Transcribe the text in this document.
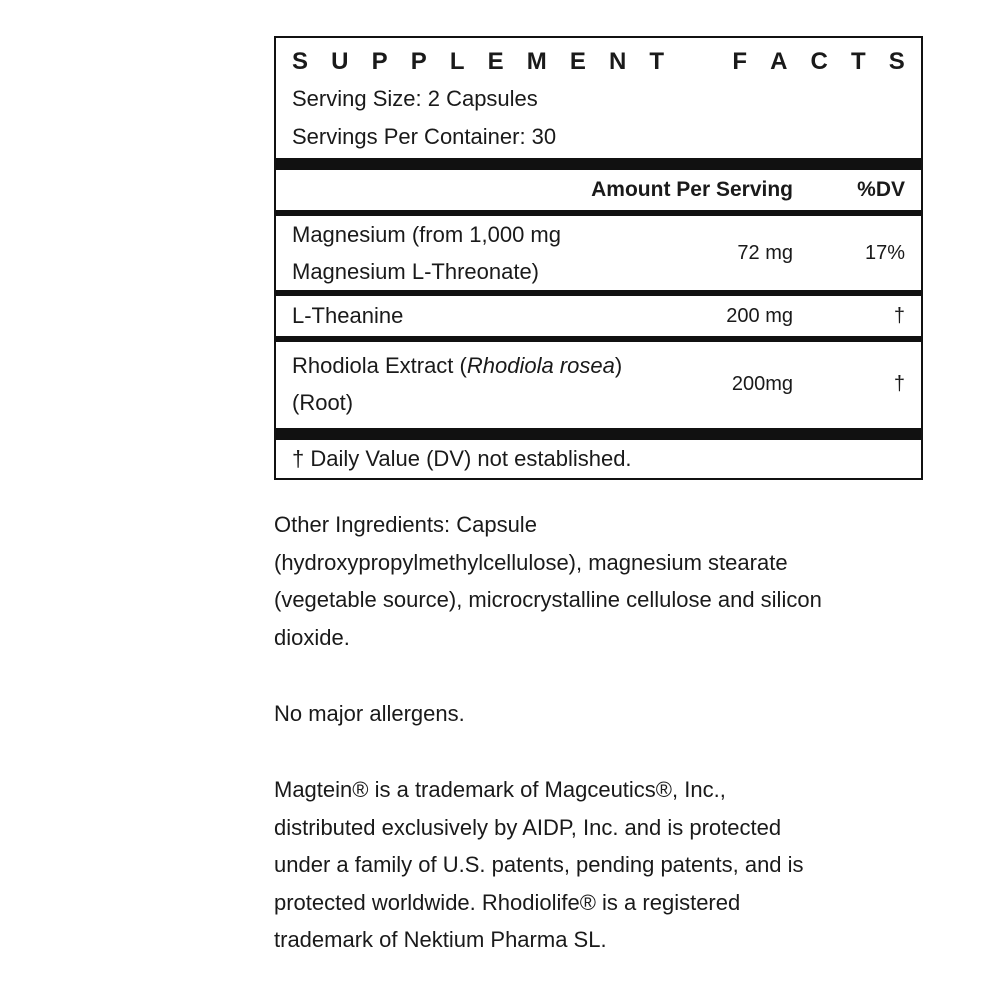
S U P P L E M E N T	F A C T S
Serving Size: 2 Capsules
Servings Per Container: 30
Amount Per Serving	%DV
Magnesium (from 1,000 mg
Magnesium L-Threonate)
72 mg	17%
L-Theanine	200 mg	†
Rhodiola Extract (Rhodiola rosea)
(Root)
200mg	†
† Daily Value (DV) not established.

Other Ingredients: Capsule
(hydroxypropylmethylcellulose), magnesium stearate
(vegetable source), microcrystalline cellulose and silicon
dioxide.

No major allergens.

Magtein® is a trademark of Magceutics®, Inc.,
distributed exclusively by AIDP, Inc. and is protected
under a family of U.S. patents, pending patents, and is
protected worldwide. Rhodiolife® is a registered
trademark of Nektium Pharma SL.
